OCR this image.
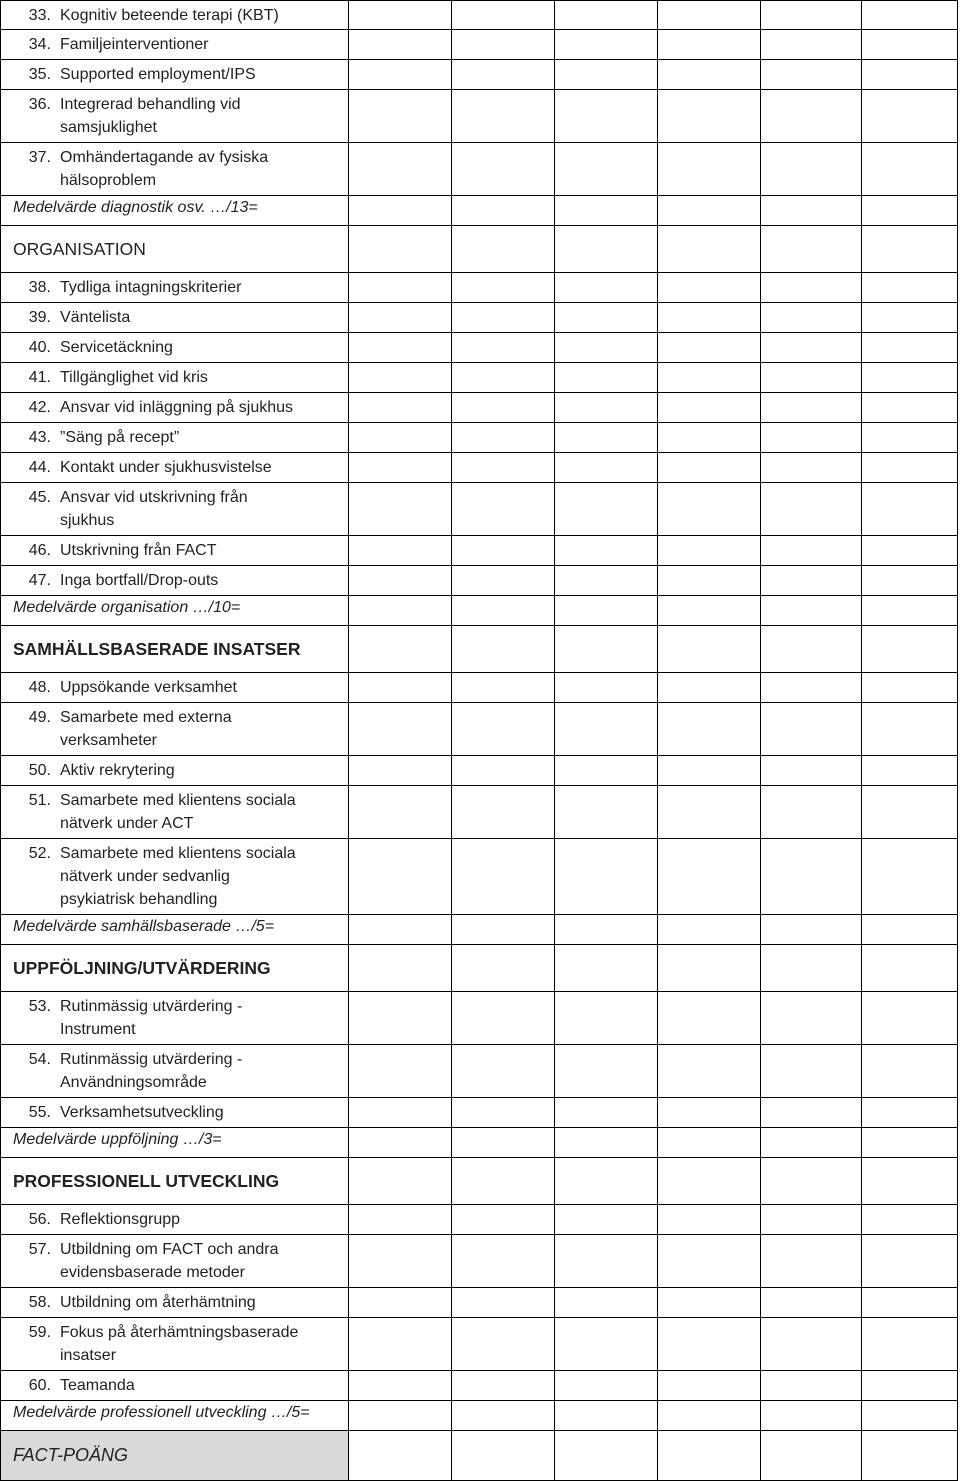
33. Kognitiv beteende terapi (KBT)						

34. Familjeinterventioner						

35. Supported employment/IPS						

36. Integrerad behandling vid
samsjuklighet						

37. Omhändertagande av fysiska
hälsoproblem						

Medelvärde diagnostik osv. …/13=						
ORGANISATION						

38. Tydliga intagningskriterier						

39. Väntelista						

40. Servicetäckning						

41. Tillgänglighet vid kris						

42. Ansvar vid inläggning på sjukhus						

43. ”Säng på recept”						

44. Kontakt under sjukhusvistelse						

45. Ansvar vid utskrivning från
sjukhus						

46. Utskrivning från FACT						

47. Inga bortfall/Drop-outs						

Medelvärde organisation …/10=						
SAMHÄLLSBASERADE INSATSER						

48. Uppsökande verksamhet						

49. Samarbete med externa
verksamheter						

50. Aktiv rekrytering						

51. Samarbete med klientens sociala
nätverk under ACT						

52. Samarbete med klientens sociala
nätverk under sedvanlig
psykiatrisk behandling						

Medelvärde samhällsbaserade …/5=						
UPPFÖLJNING/UTVÄRDERING						

53. Rutinmässig utvärdering -
Instrument						

54. Rutinmässig utvärdering -
Användningsområde						

55. Verksamhetsutveckling						

Medelvärde uppföljning …/3=						
PROFESSIONELL UTVECKLING						

56. Reflektionsgrupp						

57. Utbildning om FACT och andra
evidensbaserade metoder						

58. Utbildning om återhämtning						

59. Fokus på återhämtningsbaserade
insatser						

60. Teamanda						

Medelvärde professionell utveckling …/5=						
FACT-POÄNG						
